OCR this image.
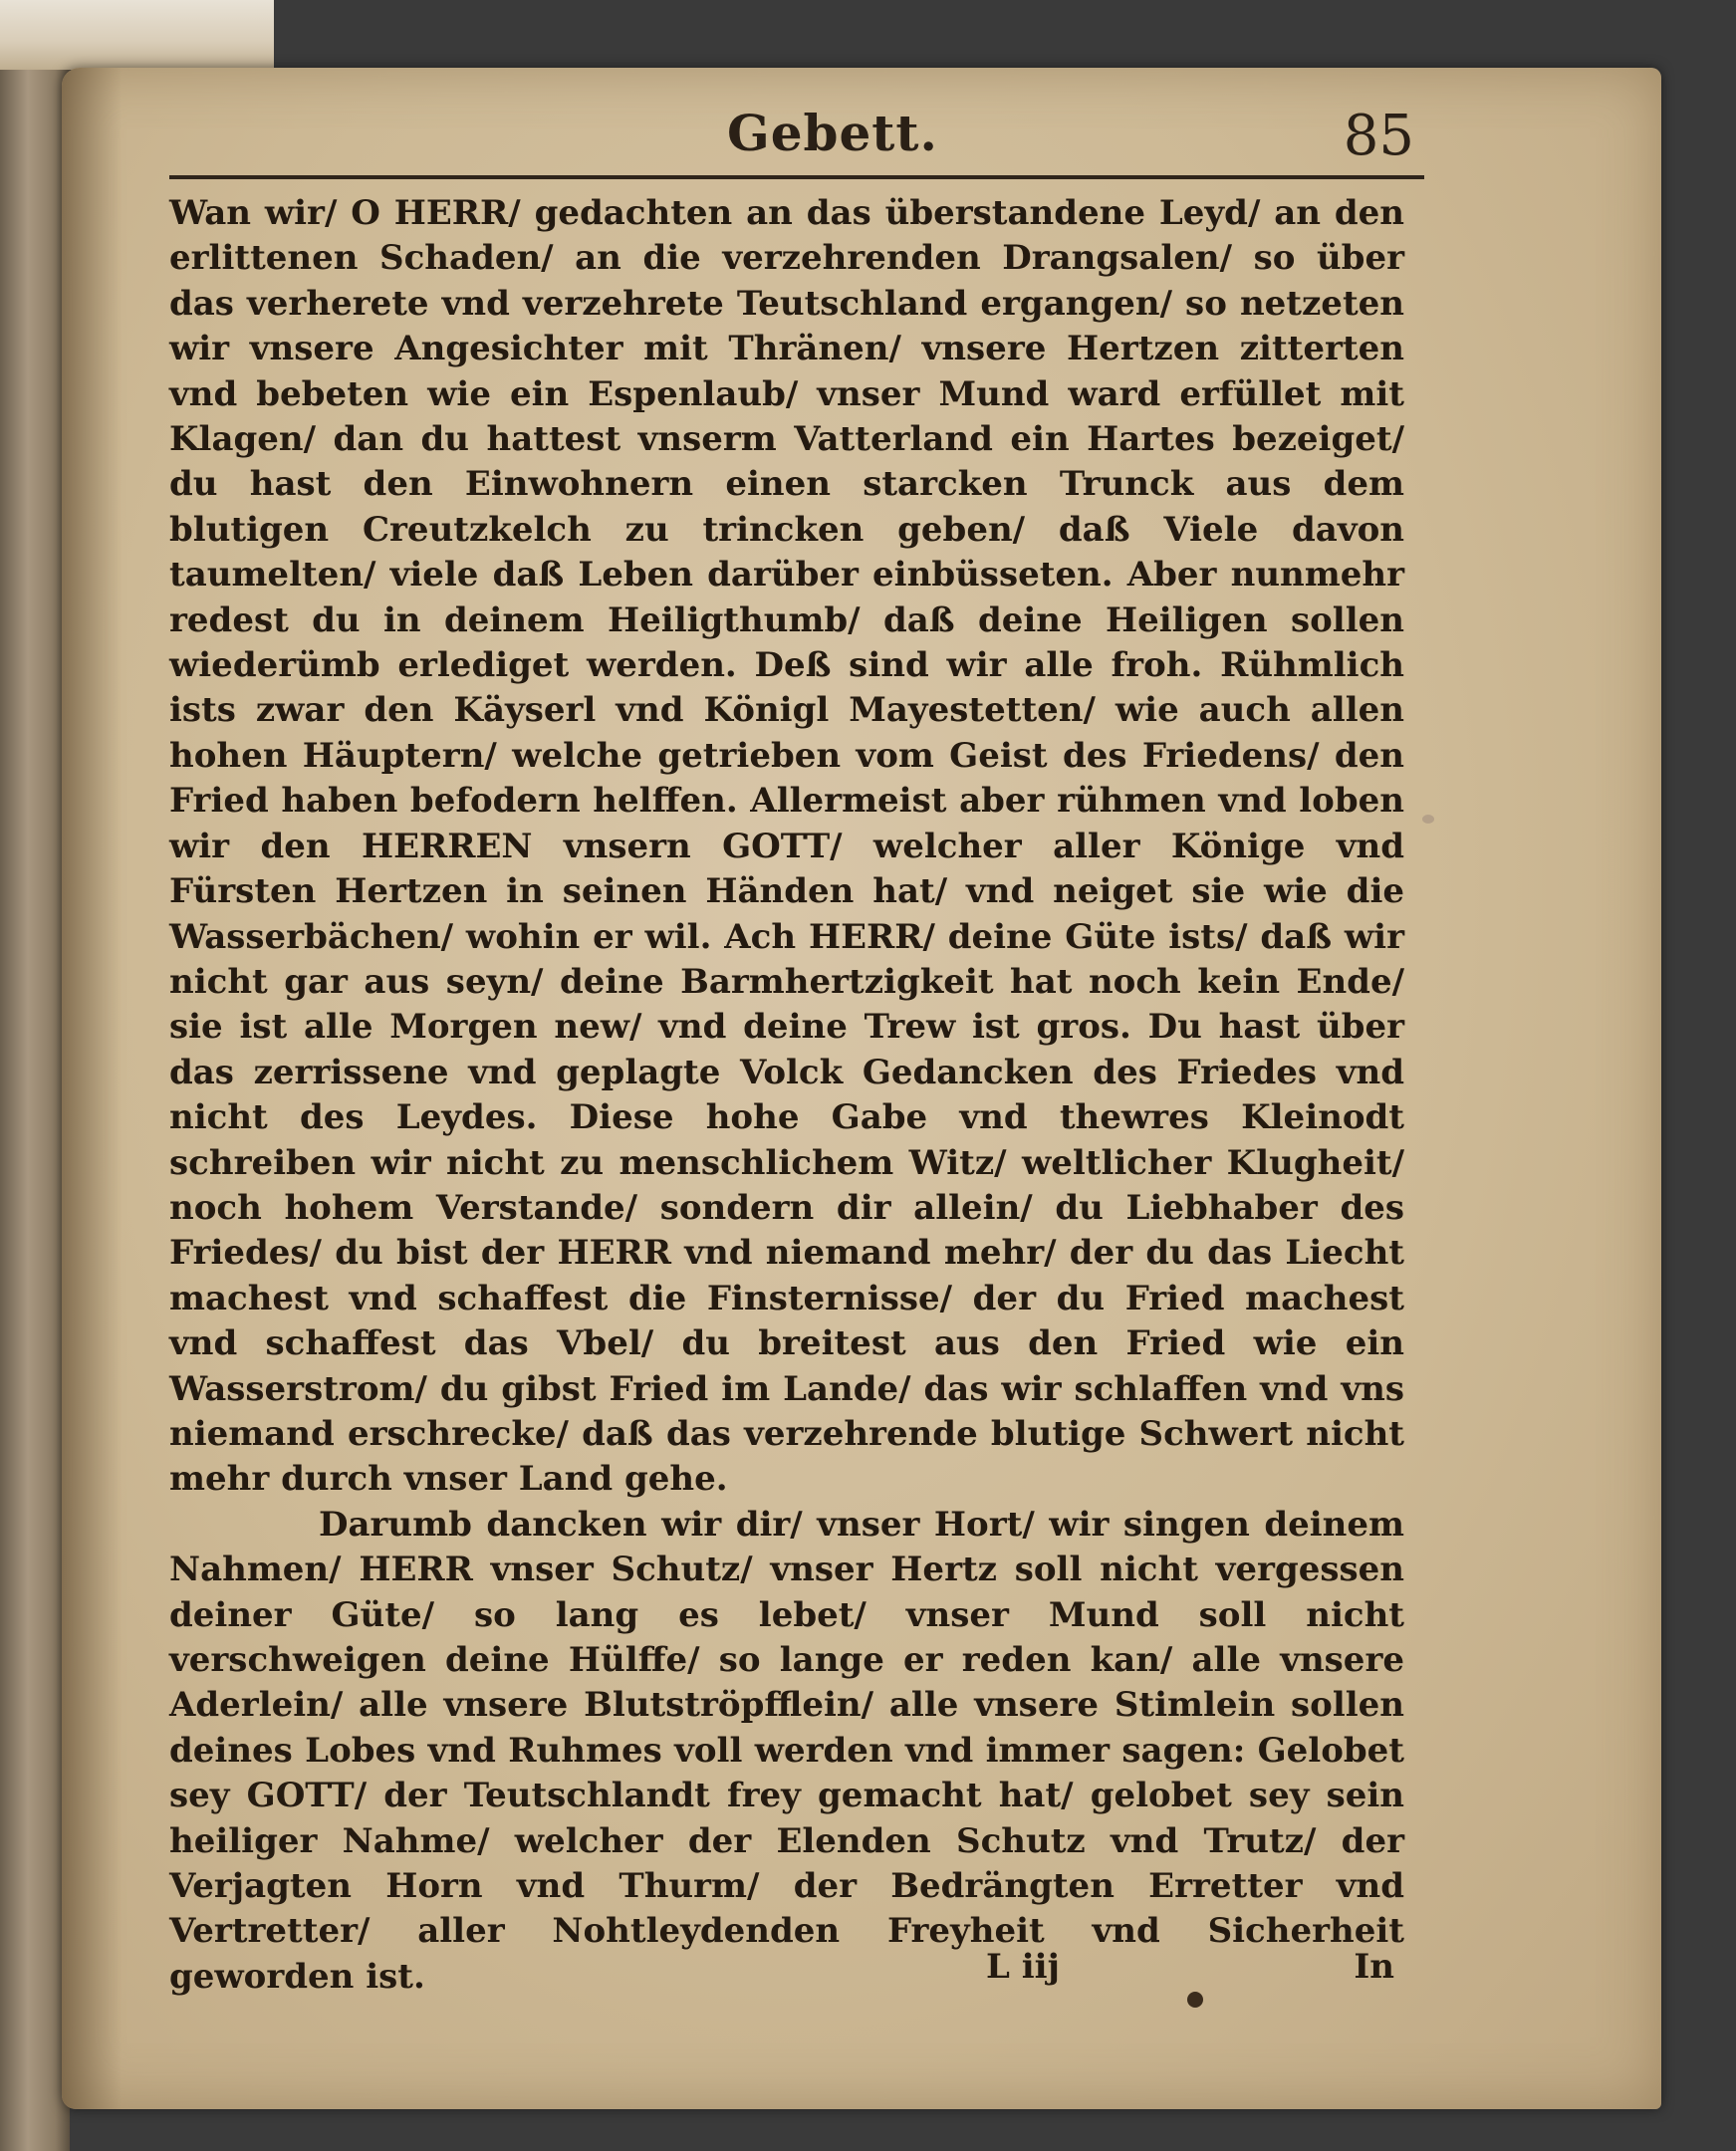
Gebett.	85

Wan wir/ O HERR/ gedachten an das überstandene Leyd/ an den erlittenen Schaden/ an die verzehrenden Drangsalen/ so über das verherete vnd verzehrete Teutschland ergangen/ so netzeten wir vnsere Angesichter mit Thränen/ vnsere Hertzen zitterten vnd bebeten wie ein Espenlaub/ vnser Mund ward erfüllet mit Klagen/ dan du hattest vnserm Vatterland ein Hartes bezeiget/ du hast den Einwohnern einen starcken Trunck aus dem blutigen Creutzkelch zu trincken geben/ daß Viele davon taumelten/ viele daß Leben darüber einbüsseten. Aber nunmehr redest du in deinem Heiligthumb/ daß deine Heiligen sollen wiederümb erlediget werden. Deß sind wir alle froh. Rühmlich ists zwar den Käyserl vnd Königl Mayestetten/ wie auch allen hohen Häuptern/ welche getrieben vom Geist des Friedens/ den Fried haben befodern helffen. Allermeist aber rühmen vnd loben wir den HERREN vnsern GOTT/ welcher aller Könige vnd Fürsten Hertzen in seinen Händen hat/ vnd neiget sie wie die Wasserbächen/ wohin er wil. Ach HERR/ deine Güte ists/ daß wir nicht gar aus seyn/ deine Barmhertzigkeit hat noch kein Ende/ sie ist alle Morgen new/ vnd deine Trew ist gros. Du hast über das zerrissene vnd geplagte Volck Gedancken des Friedes vnd nicht des Leydes. Diese hohe Gabe vnd thewres Kleinodt schreiben wir nicht zu menschlichem Witz/ weltlicher Klugheit/ noch hohem Verstande/ sondern dir allein/ du Liebhaber des Friedes/ du bist der HERR vnd niemand mehr/ der du das Liecht machest vnd schaffest die Finsternisse/ der du Fried machest vnd schaffest das Vbel/ du breitest aus den Fried wie ein Wasserstrom/ du gibst Fried im Lande/ das wir schlaffen vnd vns niemand erschrecke/ daß das verzehrende blutige Schwert nicht mehr durch vnser Land gehe.

Darumb dancken wir dir/ vnser Hort/ wir singen deinem Nahmen/ HERR vnser Schutz/ vnser Hertz soll nicht vergessen deiner Güte/ so lang es lebet/ vnser Mund soll nicht verschweigen deine Hülffe/ so lange er reden kan/ alle vnsere Aderlein/ alle vnsere Blutströpfflein/ alle vnsere Stimlein sollen deines Lobes vnd Ruhmes voll werden vnd immer sagen: Gelobet sey GOTT/ der Teutschlandt frey gemacht hat/ gelobet sey sein heiliger Nahme/ welcher der Elenden Schutz vnd Trutz/ der Verjagten Horn vnd Thurm/ der Bedrängten Erretter vnd Vertretter/ aller Nohtleydenden Freyheit vnd Sicherheit geworden ist.	L iij	In
